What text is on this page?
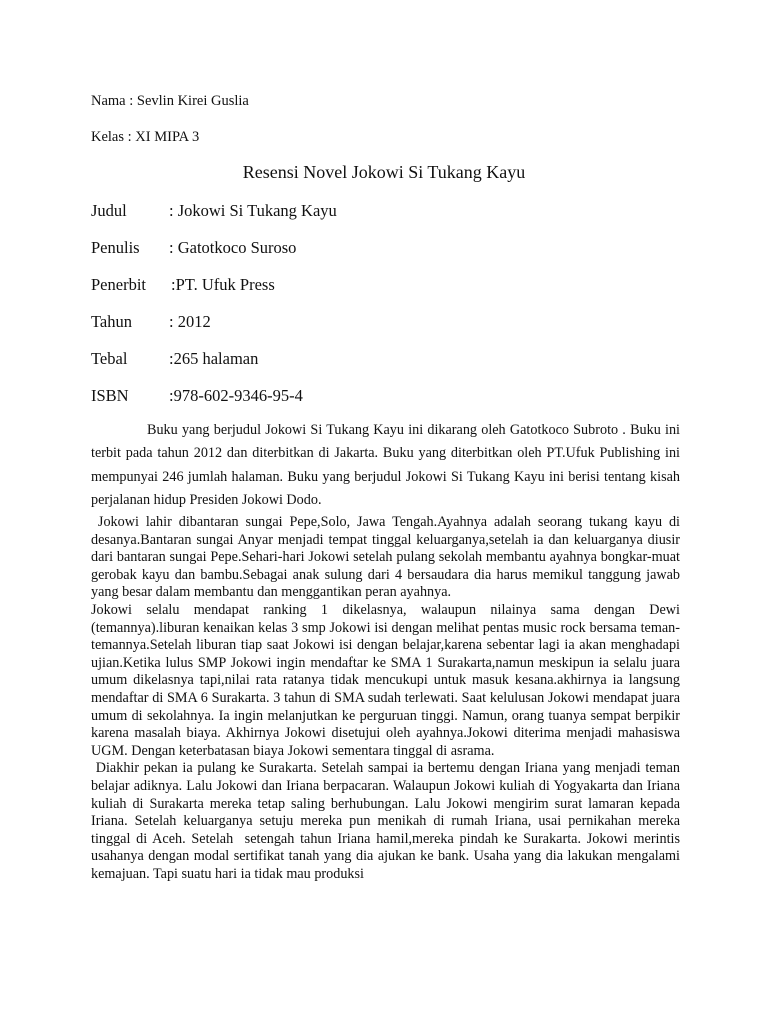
Nama : Sevlin Kirei Guslia
Kelas : XI MIPA 3
Resensi Novel Jokowi Si Tukang Kayu
Judul	: Jokowi Si Tukang Kayu
Penulis : Gatotkoco Suroso
Penerbit :PT. Ufuk Press
Tahun : 2012
Tebal	:265 halaman
ISBN :978-602-9346-95-4

Buku yang berjudul Jokowi Si Tukang Kayu ini dikarang oleh Gatotkoco Subroto . Buku ini terbit pada tahun 2012 dan diterbitkan di Jakarta. Buku yang diterbitkan oleh PT.Ufuk Publishing ini mempunyai 246 jumlah halaman. Buku yang berjudul Jokowi Si Tukang Kayu ini berisi tentang kisah perjalanan hidup Presiden Jokowi Dodo.

Jokowi lahir dibantaran sungai Pepe,Solo, Jawa Tengah.Ayahnya adalah seorang tukang kayu di desanya.Bantaran sungai Anyar menjadi tempat tinggal keluarganya,setelah ia dan keluarganya diusir dari bantaran sungai Pepe.Sehari-hari Jokowi setelah pulang sekolah membantu ayahnya bongkar-muat gerobak kayu dan bambu.Sebagai anak sulung dari 4 bersaudara dia harus memikul tanggung jawab yang besar dalam membantu dan menggantikan peran ayahnya.

Jokowi selalu mendapat ranking 1 dikelasnya, walaupun nilainya sama dengan Dewi (temannya).liburan kenaikan kelas 3 smp Jokowi isi dengan melihat pentas music rock bersama teman-temannya.Setelah liburan tiap saat Jokowi isi dengan belajar,karena sebentar lagi ia akan menghadapi ujian.Ketika lulus SMP Jokowi ingin mendaftar ke SMA 1 Surakarta,namun meskipun ia selalu juara umum dikelasnya tapi,nilai rata ratanya tidak mencukupi untuk masuk kesana.akhirnya ia langsung mendaftar di SMA 6 Surakarta. 3 tahun di SMA sudah terlewati. Saat kelulusan Jokowi mendapat juara umum di sekolahnya. Ia ingin melanjutkan ke perguruan tinggi. Namun, orang tuanya sempat berpikir karena masalah biaya. Akhirnya Jokowi disetujui oleh ayahnya.Jokowi diterima menjadi mahasiswa UGM. Dengan keterbatasan biaya Jokowi sementara tinggal di asrama.

Diakhir pekan ia pulang ke Surakarta. Setelah sampai ia bertemu dengan Iriana yang menjadi teman belajar adiknya. Lalu Jokowi dan Iriana berpacaran. Walaupun Jokowi kuliah di Yogyakarta dan Iriana kuliah di Surakarta mereka tetap saling berhubungan. Lalu Jokowi mengirim surat lamaran kepada Iriana. Setelah keluarganya setuju mereka pun menikah di rumah Iriana, usai pernikahan mereka tinggal di Aceh. Setelah  setengah tahun Iriana hamil,mereka pindah ke Surakarta. Jokowi merintis usahanya dengan modal sertifikat tanah yang dia ajukan ke bank. Usaha yang dia lakukan mengalami kemajuan. Tapi suatu hari ia tidak mau produksi
